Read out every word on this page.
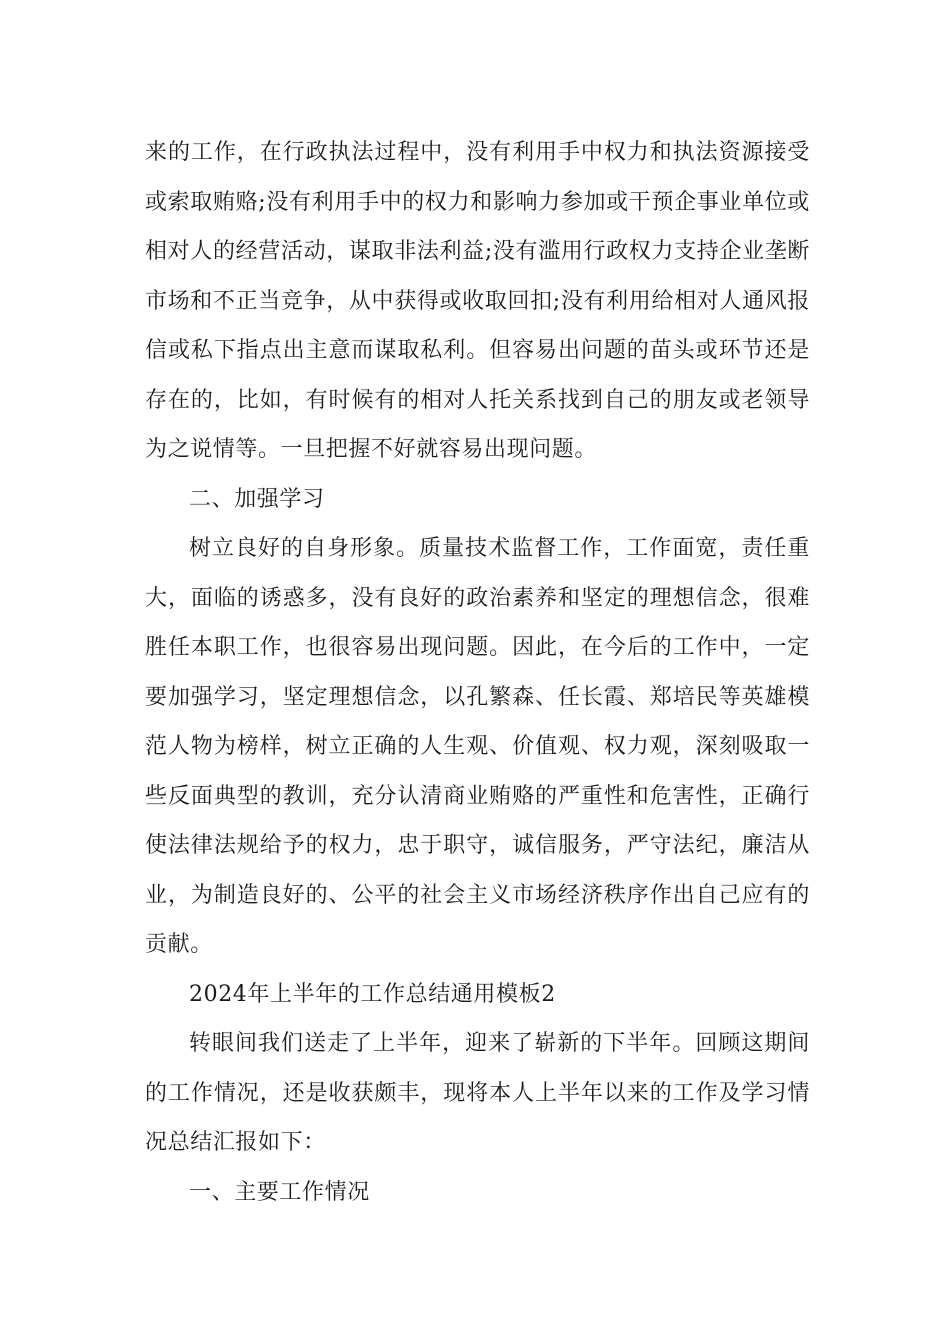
来的工作，在行政执法过程中，没有利用手中权力和执法资源接受或索取贿赂;没有利用手中的权力和影响力参加或干预企事业单位或相对人的经营活动，谋取非法利益;没有滥用行政权力支持企业垄断市场和不正当竞争，从中获得或收取回扣;没有利用给相对人通风报信或私下指点出主意而谋取私利。但容易出问题的苗头或环节还是存在的，比如，有时候有的相对人托关系找到自己的朋友或老领导为之说情等。一旦把握不好就容易出现问题。

二、加强学习

树立良好的自身形象。质量技术监督工作，工作面宽，责任重大，面临的诱惑多，没有良好的政治素养和坚定的理想信念，很难胜任本职工作，也很容易出现问题。因此，在今后的工作中，一定要加强学习，坚定理想信念，以孔繁森、任长霞、郑培民等英雄模范人物为榜样，树立正确的人生观、价值观、权力观，深刻吸取一些反面典型的教训，充分认清商业贿赂的严重性和危害性，正确行使法律法规给予的权力，忠于职守，诚信服务，严守法纪，廉洁从业，为制造良好的、公平的社会主义市场经济秩序作出自己应有的贡献。

2024年上半年的工作总结通用模板2

转眼间我们送走了上半年，迎来了崭新的下半年。回顾这期间的工作情况，还是收获颇丰，现将本人上半年以来的工作及学习情况总结汇报如下：

一、主要工作情况
